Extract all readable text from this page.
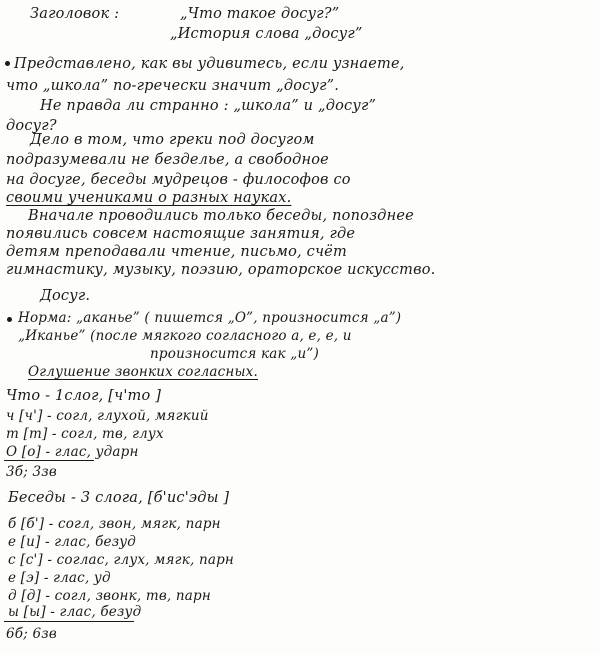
Заголовок :	„Что такое досуг?”
„История слова „досуг”
Представлено, как вы удивитесь, если узнаете,
что „школа” по-гречески значит „досуг”.
Не правда ли странно : „школа” и „досуг”
досуг?
Дело в том, что греки под досугом
подразумевали не безделье, а свободное
на досуге, беседы мудрецов - философов со
своими учениками о разных науках.
Вначале проводились только беседы, попозднее
появились совсем настоящие занятия, где
детям преподавали чтение, письмо, счёт
гимнастику, музыку, поэзию, ораторское искусство.
Досуг.
Норма: „аканье” ( пишется „О”, произносится „а”)
„Иканье” (после мягкого согласного а, е, е, и
произносится как „и”)
Оглушение звонких согласных.
Что - 1слог, [ч'то ]
ч [ч'] - согл, глухой, мягкий
т [т] - согл, тв, глух
О [о] - глас, ударн
3б; 3зв
Беседы - 3 слога, [б'ис'эды ]
б [б'] - согл, звон, мягк, парн
е [и] - глас, безуд
с [с'] - соглас, глух, мягк, парн
е [э] - глас, уд
д [д] - согл, звонк, тв, парн
ы [ы] - глас, безуд
6б; 6зв
